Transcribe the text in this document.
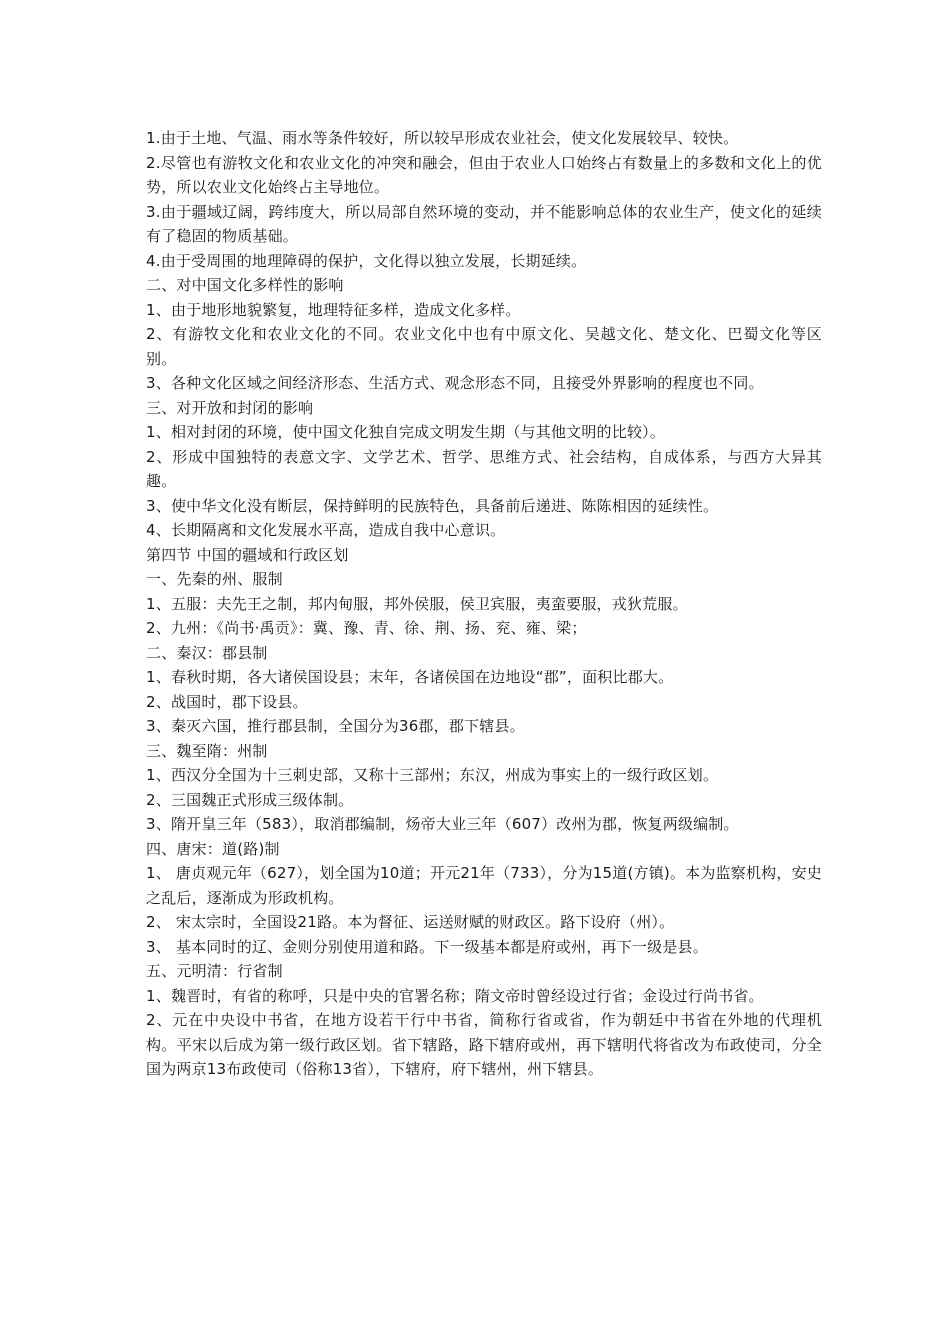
1.由于土地、气温、雨水等条件较好，所以较早形成农业社会，使文化发展较早、较快。

2.尽管也有游牧文化和农业文化的冲突和融会，但由于农业人口始终占有数量上的多数和文化上的优势，所以农业文化始终占主导地位。

3.由于疆域辽阔，跨纬度大，所以局部自然环境的变动，并不能影响总体的农业生产，使文化的延续有了稳固的物质基础。

4.由于受周围的地理障碍的保护，文化得以独立发展，长期延续。

二、对中国文化多样性的影响

1、由于地形地貌繁复，地理特征多样，造成文化多样。

2、有游牧文化和农业文化的不同。农业文化中也有中原文化、吴越文化、楚文化、巴蜀文化等区别。

3、各种文化区域之间经济形态、生活方式、观念形态不同，且接受外界影响的程度也不同。

三、对开放和封闭的影响

1、相对封闭的环境，使中国文化独自完成文明发生期（与其他文明的比较）。

2、形成中国独特的表意文字、文学艺术、哲学、思维方式、社会结构，自成体系，与西方大异其趣。

3、使中华文化没有断层，保持鲜明的民族特色，具备前后递进、陈陈相因的延续性。

4、长期隔离和文化发展水平高，造成自我中心意识。

第四节 中国的疆域和行政区划

一、先秦的州、服制

1、五服：夫先王之制，邦内甸服，邦外侯服，侯卫宾服，夷蛮要服，戎狄荒服。

2、九州：《尚书·禹贡》：冀、豫、青、徐、荆、扬、兖、雍、梁；

二、秦汉：郡县制

1、春秋时期，各大诸侯国设县；末年，各诸侯国在边地设“郡”，面积比郡大。

2、战国时，郡下设县。

3、秦灭六国，推行郡县制，全国分为36郡，郡下辖县。

三、魏至隋：州制

1、西汉分全国为十三刺史部，又称十三部州；东汉，州成为事实上的一级行政区划。

2、三国魏正式形成三级体制。

3、隋开皇三年（583），取消郡编制，炀帝大业三年（607）改州为郡，恢复两级编制。

四、唐宋：道(路)制

1、 唐贞观元年（627），划全国为10道；开元21年（733），分为15道(方镇)。本为监察机构，安史之乱后，逐渐成为形政机构。

2、 宋太宗时，全国设21路。本为督征、运送财赋的财政区。路下设府（州）。

3、 基本同时的辽、金则分别使用道和路。下一级基本都是府或州，再下一级是县。

五、元明清：行省制

1、魏晋时，有省的称呼，只是中央的官署名称；隋文帝时曾经设过行省；金设过行尚书省。

2、元在中央设中书省，在地方设若干行中书省，简称行省或省，作为朝廷中书省在外地的代理机构。平宋以后成为第一级行政区划。省下辖路，路下辖府或州，再下辖明代将省改为布政使司，分全国为两京13布政使司（俗称13省），下辖府，府下辖州，州下辖县。
